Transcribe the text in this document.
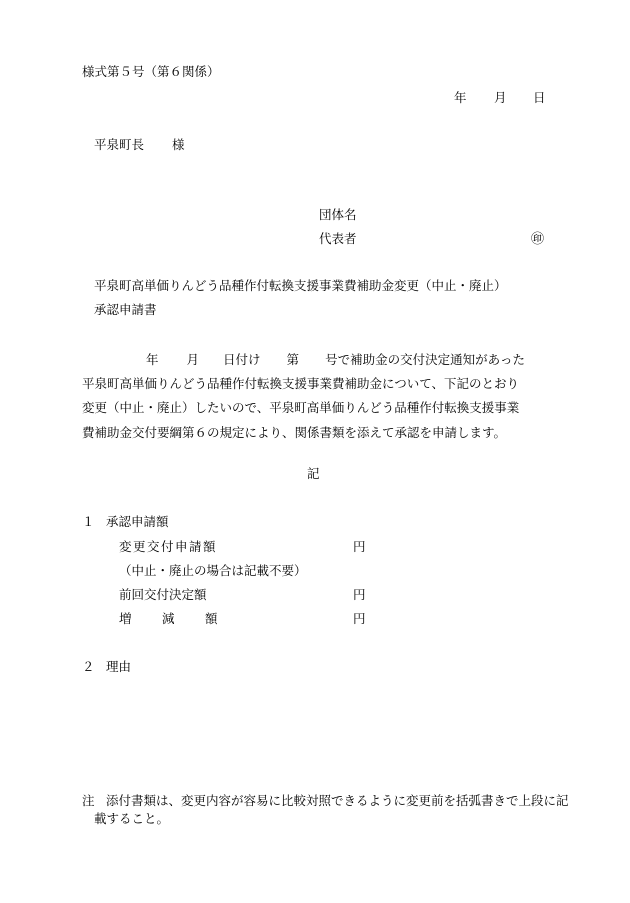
様式第５号（第６関係）
年 月 日
平泉町長 様
団体名
代表者	㊞
平泉町高単価りんどう品種作付転換支援事業費補助金変更（中止・廃止）
承認申請書
年 月 日付け 第 号で補助金の交付決定通知があった
平泉町高単価りんどう品種作付転換支援事業費補助金について、下記のとおり
変更（中止・廃止）したいので、平泉町高単価りんどう品種作付転換支援事業
費補助金交付要綱第６の規定により、関係書類を添えて承認を申請します。
記
１ 承認申請額
変更交付申請額	円
（中止・廃止の場合は記載不要）
前回交付決定額	円
増 減 額	円
２ 理由
注 添付書類は、変更内容が容易に比較対照できるように変更前を括弧書きで上段に記
載すること。
